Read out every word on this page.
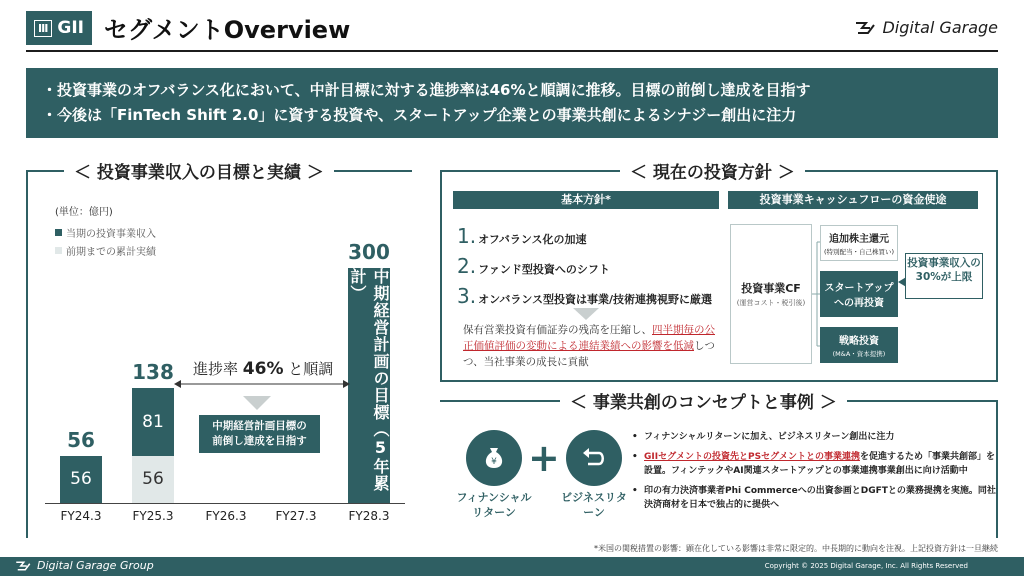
Ⅲ GII セグメントOverview	Digital Garage
・投資事業のオフバランス化において、中計目標に対する進捗率は46%と順調に推移。目標の前倒し達成を目指す
・今後は「FinTech Shift 2.0」に資する投資や、スタートアップ企業との事業共創によるシナジー創出に注力
＜ 投資事業収入の目標と実績 ＞
(単位：億円)
当期の投資事業収入
前期までの累計実績
FY24.3
56
56
FY25.3
56
81
138
FY26.3	FY27.3	FY28.3
中期経営計画の目標（5年累計）
300
進捗率 46% と順調
中期経営計画目標の
前倒し達成を目指す
＜ 現在の投資方針 ＞
基本方針*	投資事業キャッシュフローの資金使途
1. オフバランス化の加速
2. ファンド型投資へのシフト
3. オンバランス型投資は事業/技術連携視野に厳選
保有営業投資有価証券の残高を圧縮し、四半期毎の公正価値評価の変動による連結業績への影響を低減しつつ、当社事業の成長に貢献
投資事業CF
(運営コスト・税引後)
追加株主還元
(特別配当・自己株買い)
スタートアップへの再投資
戦略投資
(M&A・資本提携)
投資事業収入の30%が上限
＜ 事業共創のコンセプトと事例 ＞
¥
フィナンシャルリターン
+
ビジネスリターン
• フィナンシャルリターンに加え、ビジネスリターン創出に注力
• GIIセグメントの投資先とPSセグメントとの事業連携を促進するため「事業共創部」を設置。フィンテックやAI関連スタートアップとの事業連携事業創出に向け活動中
• 印の有力決済事業者Phi Commerceへの出資参画とDGFTとの業務提携を実施。同社決済商材を日本で独占的に提供へ
*米国の関税措置の影響：顕在化している影響は非常に限定的。中長期的に動向を注視。上記投資方針は一旦継続
Digital Garage Group	Copyright © 2025 Digital Garage, Inc. All Rights Reserved
